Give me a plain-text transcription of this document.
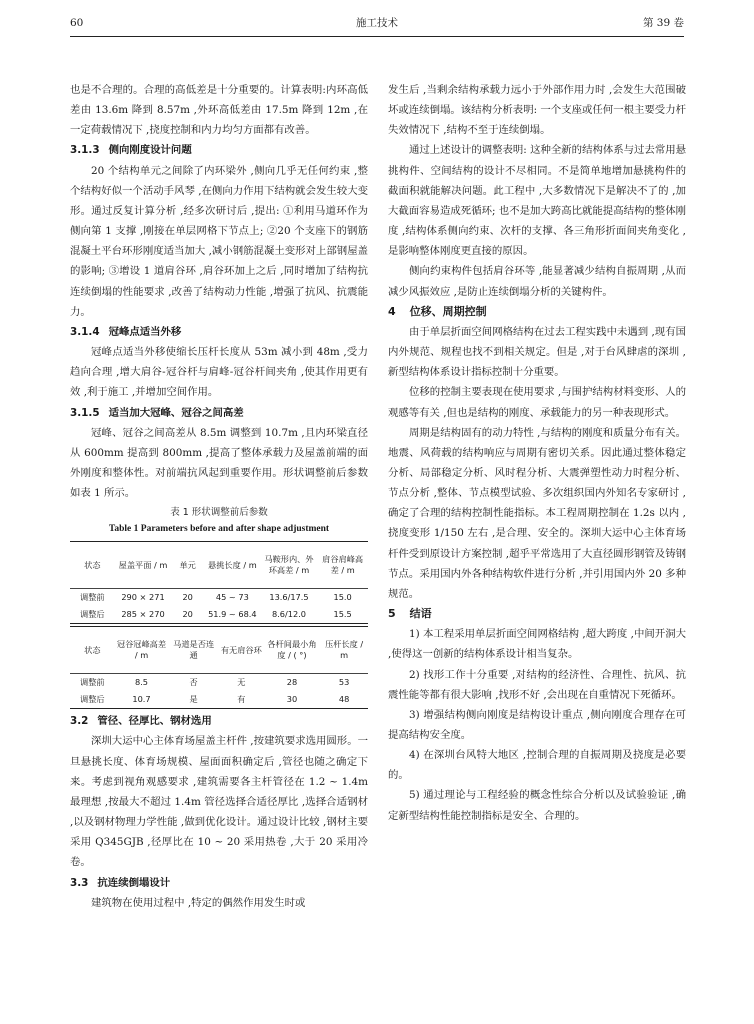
60	施工技术	第 39 卷

也是不合理的。合理的高低差是十分重要的。计算表明:内环高低差由 13.6m 降到 8.57m ,外环高低差由 17.5m 降到 12m ,在一定荷载情况下 ,挠度控制和内力均匀方面都有改善。

3.1.3 侧向刚度设计问题

20 个结构单元之间除了内环梁外 ,侧向几乎无任何约束 ,整个结构好似一个活动手风琴 ,在侧向力作用下结构就会发生较大变形。通过反复计算分析 ,经多次研讨后 ,提出: ①利用马道环作为侧向第 1 支撑 ,刚接在单层网格下节点上; ②20 个支座下的钢筋混凝土平台环形刚度适当加大 ,减小钢筋混凝土变形对上部钢屋盖的影响; ③增设 1 道肩谷环 ,肩谷环加上之后 ,同时增加了结构抗连续倒塌的性能要求 ,改善了结构动力性能 ,增强了抗风、抗震能力。

3.1.4 冠峰点适当外移

冠峰点适当外移使缩长压杆长度从 53m 减小到 48m ,受力趋向合理 ,增大肩谷-冠谷杆与肩峰-冠谷杆间夹角 ,使其作用更有效 ,利于施工 ,并增加空间作用。

3.1.5 适当加大冠峰、冠谷之间高差

冠峰、冠谷之间高差从 8.5m 调整到 10.7m ,且内环梁直径从 600mm 提高到 800mm ,提高了整体承载力及屋盖前端的面外刚度和整体性。对前端抗风起到重要作用。形状调整前后参数如表 1 所示。

表 1 形状调整前后参数
Table 1 Parameters before and after shape adjustment
状态	屋盖平面 / m	单元	悬挑长度 / m	马鞍形内、外环高差 / m	肩谷肩峰高差 / m
调整前	290 × 271	20	45 ~ 73	13.6/17.5	15.0
调整后	285 × 270	20	51.9 ~ 68.4	8.6/12.0	15.5
状态	冠谷冠峰高差 / m	马道是否连通	有无肩谷环	各杆间最小角度 / ( °)	压杆长度 / m
调整前	8.5	否	无	28	53
调整后	10.7	是	有	30	48
3.2 管径、径厚比、钢材选用

深圳大运中心主体育场屋盖主杆件 ,按建筑要求选用圆形。一旦悬挑长度、体育场规模、屋面面积确定后 ,管径也随之确定下来。考虑到视角观感要求 ,建筑需要各主杆管径在 1.2 ~ 1.4m 最理想 ,按最大不超过 1.4m 管径选择合适径厚比 ,选择合适钢材 ,以及钢材物理力学性能 ,做到优化设计。通过设计比较 ,钢材主要采用 Q345GJB ,径厚比在 10 ~ 20 采用热卷 ,大于 20 采用冷卷。

3.3 抗连续倒塌设计

建筑物在使用过程中 ,特定的偶然作用发生时或

发生后 ,当剩余结构承载力远小于外部作用力时 ,会发生大范围破坏或连续倒塌。该结构分析表明: 一个支座或任何一根主要受力杆失效情况下 ,结构不至于连续倒塌。

通过上述设计的调整表明: 这种全新的结构体系与过去常用悬挑构件、空间结构的设计不尽相同。不是简单地增加悬挑构件的截面积就能解决问题。此工程中 ,大多数情况下是解决不了的 ,加大截面容易造成死循环; 也不是加大跨高比就能提高结构的整体刚度 ,结构体系侧向约束、次杆的支撑、各三角形折面间夹角变化 ,是影响整体刚度更直接的原因。

侧向约束构件包括肩谷环等 ,能显著减少结构自振周期 ,从而减少风振效应 ,是防止连续倒塌分析的关键构件。

4 位移、周期控制

由于单层折面空间网格结构在过去工程实践中未遇到 ,现有国内外规范、规程也找不到相关规定。但是 ,对于台风肆虐的深圳 ,新型结构体系设计指标控制十分重要。

位移的控制主要表现在使用要求 ,与围护结构材料变形、人的观感等有关 ,但也是结构的刚度、承载能力的另一种表现形式。

周期是结构固有的动力特性 ,与结构的刚度和质量分布有关。地震、风荷载的结构响应与周期有密切关系。因此通过整体稳定分析、局部稳定分析、风时程分析、大震弹塑性动力时程分析、节点分析 ,整体、节点模型试验、多次组织国内外知名专家研讨 ,确定了合理的结构控制性能指标。本工程周期控制在 1.2s 以内 ,挠度变形 1/150 左右 ,是合理、安全的。深圳大运中心主体育场杆件受到原设计方案控制 ,超乎平常选用了大直径圆形钢管及铸钢节点。采用国内外各种结构软件进行分析 ,并引用国内外 20 多种规范。

5 结语

1) 本工程采用单层折面空间网格结构 ,超大跨度 ,中间开洞大 ,使得这一创新的结构体系设计相当复杂。

2) 找形工作十分重要 ,对结构的经济性、合理性、抗风、抗震性能等都有很大影响 ,找形不好 ,会出现在自重情况下死循环。

3) 增强结构侧向刚度是结构设计重点 ,侧向刚度合理存在可提高结构安全度。

4) 在深圳台风特大地区 ,控制合理的自振周期及挠度是必要的。

5) 通过理论与工程经验的概念性综合分析以及试验验证 ,确定新型结构性能控制指标是安全、合理的。
